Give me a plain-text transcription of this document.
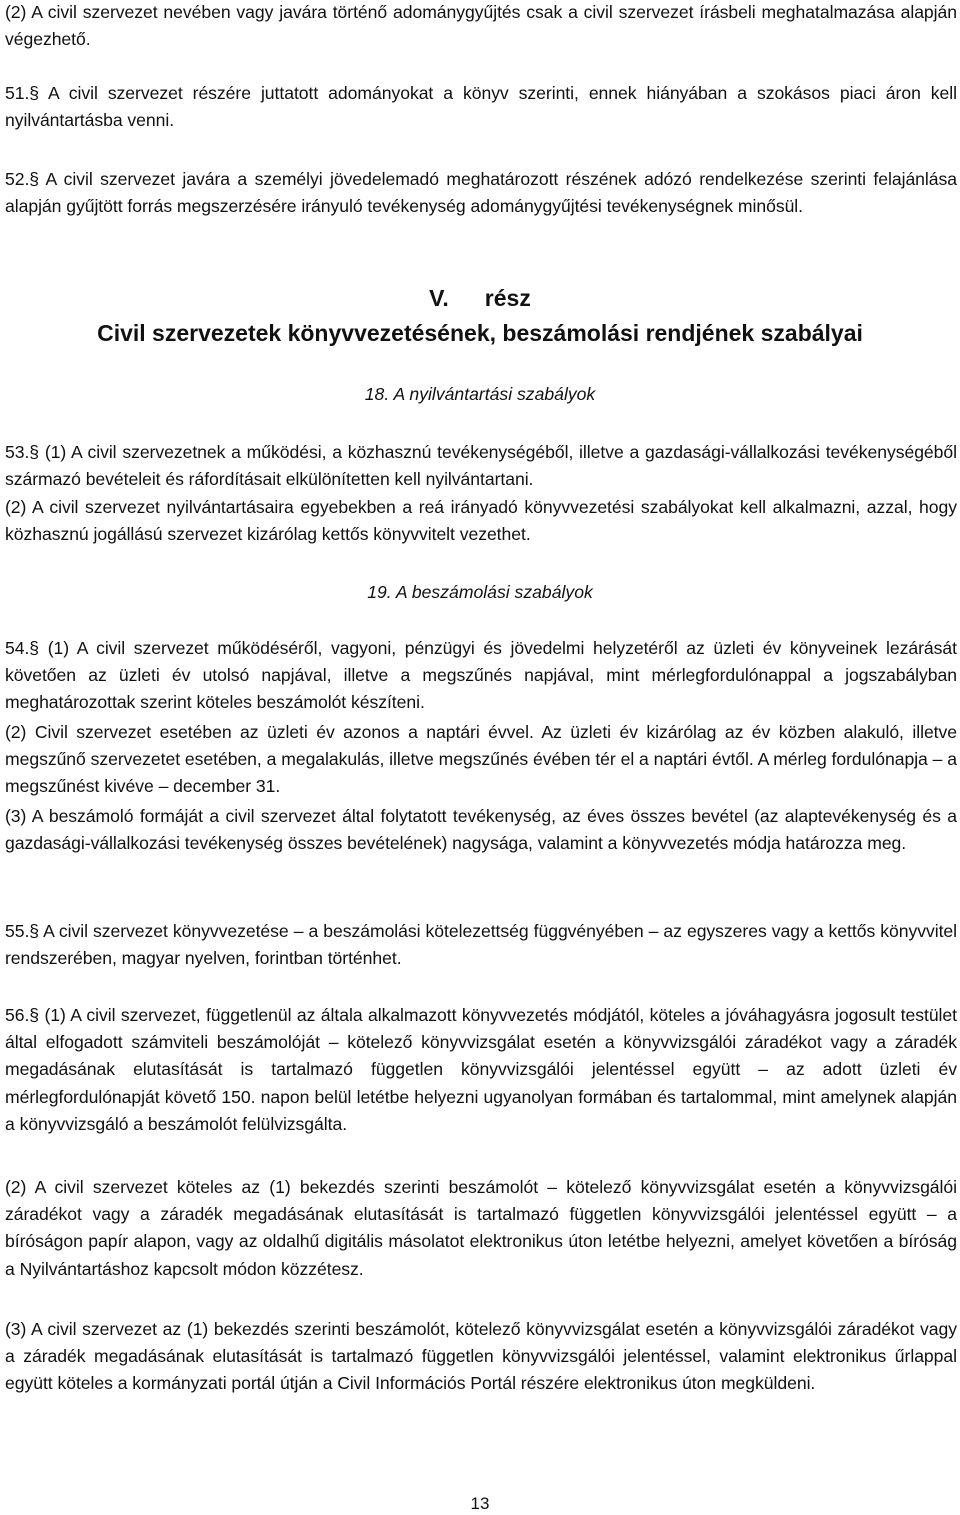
(2) A civil szervezet nevében vagy javára történő adománygyűjtés csak a civil szervezet írásbeli meghatalmazása alapján végezhető.

51.§ A civil szervezet részére juttatott adományokat a könyv szerinti, ennek hiányában a szokásos piaci áron kell nyilvántartásba venni.

52.§ A civil szervezet javára a személyi jövedelemadó meghatározott részének adózó rendelkezése szerinti felajánlása alapján gyűjtött forrás megszerzésére irányuló tevékenység adománygyűjtési tevékenységnek minősül.

V. rész
Civil szervezetek könyvvezetésének, beszámolási rendjének szabályai
18. A nyilvántartási szabályok

53.§ (1) A civil szervezetnek a működési, a közhasznú tevékenységéből, illetve a gazdasági-vállalkozási tevékenységéből származó bevételeit és ráfordításait elkülönítetten kell nyilvántartani.

(2) A civil szervezet nyilvántartásaira egyebekben a reá irányadó könyvvezetési szabályokat kell alkalmazni, azzal, hogy közhasznú jogállású szervezet kizárólag kettős könyvvitelt vezethet.

19. A beszámolási szabályok

54.§ (1) A civil szervezet működéséről, vagyoni, pénzügyi és jövedelmi helyzetéről az üzleti év könyveinek lezárását követően az üzleti év utolsó napjával, illetve a megszűnés napjával, mint mérlegfordulónappal a jogszabályban meghatározottak szerint köteles beszámolót készíteni.

(2) Civil szervezet esetében az üzleti év azonos a naptári évvel. Az üzleti év kizárólag az év közben alakuló, illetve megszűnő szervezetet esetében, a megalakulás, illetve megszűnés évében tér el a naptári évtől. A mérleg fordulónapja – a megszűnést kivéve – december 31.

(3) A beszámoló formáját a civil szervezet által folytatott tevékenység, az éves összes bevétel (az alaptevékenység és a gazdasági-vállalkozási tevékenység összes bevételének) nagysága, valamint a könyvvezetés módja határozza meg.

55.§ A civil szervezet könyvvezetése – a beszámolási kötelezettség függvényében – az egyszeres vagy a kettős könyvvitel rendszerében, magyar nyelven, forintban történhet.

56.§ (1) A civil szervezet, függetlenül az általa alkalmazott könyvvezetés módjától, köteles a jóváhagyásra jogosult testület által elfogadott számviteli beszámolóját – kötelező könyvvizsgálat esetén a könyvvizsgálói záradékot vagy a záradék megadásának elutasítását is tartalmazó független könyvvizsgálói jelentéssel együtt – az adott üzleti év mérlegfordulónapját követő 150. napon belül letétbe helyezni ugyanolyan formában és tartalommal, mint amelynek alapján a könyvvizsgáló a beszámolót felülvizsgálta.

(2) A civil szervezet köteles az (1) bekezdés szerinti beszámolót – kötelező könyvvizsgálat esetén a könyvvizsgálói záradékot vagy a záradék megadásának elutasítását is tartalmazó független könyvvizsgálói jelentéssel együtt – a bíróságon papír alapon, vagy az oldalhű digitális másolatot elektronikus úton letétbe helyezni, amelyet követően a bíróság a Nyilvántartáshoz kapcsolt módon közzétesz.

(3) A civil szervezet az (1) bekezdés szerinti beszámolót, kötelező könyvvizsgálat esetén a könyvvizsgálói záradékot vagy a záradék megadásának elutasítását is tartalmazó független könyvvizsgálói jelentéssel, valamint elektronikus űrlappal együtt köteles a kormányzati portál útján a Civil Információs Portál részére elektronikus úton megküldeni.

13
